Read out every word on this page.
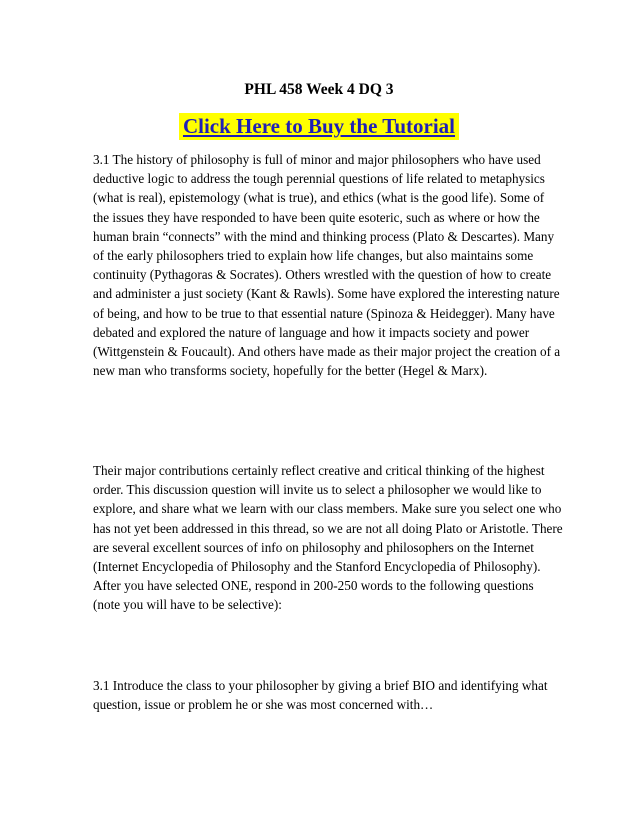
PHL 458 Week 4 DQ 3
Click Here to Buy the Tutorial

3.1 The history of philosophy is full of minor and major philosophers who have used deductive logic to address the tough perennial questions of life related to metaphysics (what is real), epistemology (what is true), and ethics (what is the good life). Some of the issues they have responded to have been quite esoteric, such as where or how the human brain “connects” with the mind and thinking process (Plato & Descartes). Many of the early philosophers tried to explain how life changes, but also maintains some continuity (Pythagoras & Socrates). Others wrestled with the question of how to create and administer a just society (Kant & Rawls). Some have explored the interesting nature of being, and how to be true to that essential nature (Spinoza & Heidegger). Many have debated and explored the nature of language and how it impacts society and power (Wittgenstein & Foucault). And others have made as their major project the creation of a new man who transforms society, hopefully for the better (Hegel & Marx).

Their major contributions certainly reflect creative and critical thinking of the highest order. This discussion question will invite us to select a philosopher we would like to explore, and share what we learn with our class members. Make sure you select one who has not yet been addressed in this thread, so we are not all doing Plato or Aristotle. There are several excellent sources of info on philosophy and philosophers on the Internet (Internet Encyclopedia of Philosophy and the Stanford Encyclopedia of Philosophy). After you have selected ONE, respond in 200-250 words to the following questions (note you will have to be selective):

3.1 Introduce the class to your philosopher by giving a brief BIO and identifying what question, issue or problem he or she was most concerned with…
